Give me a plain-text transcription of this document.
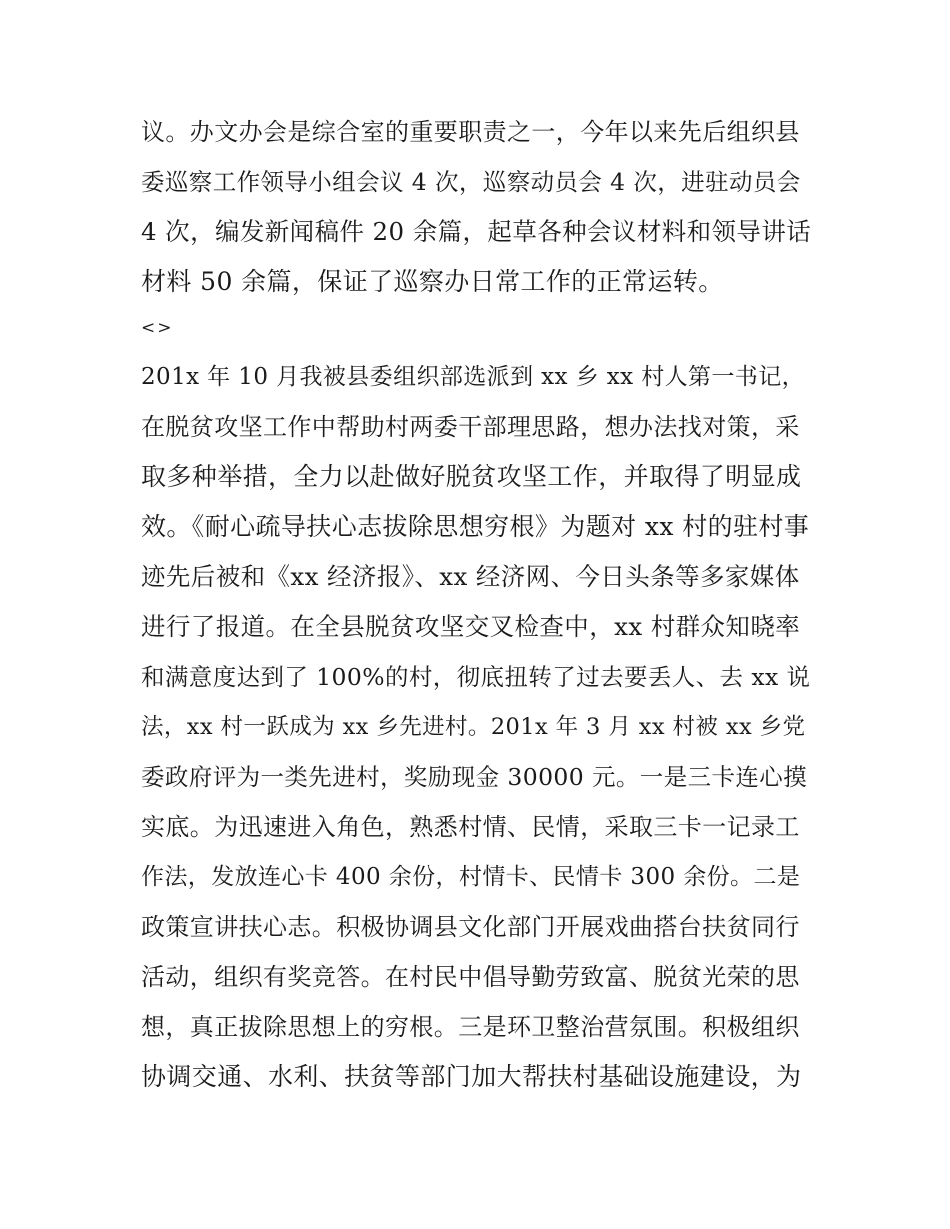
议。办文办会是综合室的重要职责之一，今年以来先后组织县
委巡察工作领导小组会议 4 次，巡察动员会 4 次，进驻动员会
4 次，编发新闻稿件 20 余篇，起草各种会议材料和领导讲话
材料 50 余篇，保证了巡察办日常工作的正常运转。
<>
201x 年 10 月我被县委组织部选派到 xx 乡 xx 村人第一书记，
在脱贫攻坚工作中帮助村两委干部理思路，想办法找对策，采
取多种举措，全力以赴做好脱贫攻坚工作，并取得了明显成
效。《耐心疏导扶心志拔除思想穷根》为题对 xx 村的驻村事
迹先后被和《xx 经济报》、xx 经济网、今日头条等多家媒体
进行了报道。在全县脱贫攻坚交叉检查中，xx 村群众知晓率
和满意度达到了 100%的村，彻底扭转了过去要丢人、去 xx 说
法，xx 村一跃成为 xx 乡先进村。201x 年 3 月 xx 村被 xx 乡党
委政府评为一类先进村，奖励现金 30000 元。一是三卡连心摸
实底。为迅速进入角色，熟悉村情、民情，采取三卡一记录工
作法，发放连心卡 400 余份，村情卡、民情卡 300 余份。二是
政策宣讲扶心志。积极协调县文化部门开展戏曲搭台扶贫同行
活动，组织有奖竞答。在村民中倡导勤劳致富、脱贫光荣的思
想，真正拔除思想上的穷根。三是环卫整治营氛围。积极组织
协调交通、水利、扶贫等部门加大帮扶村基础设施建设，为
